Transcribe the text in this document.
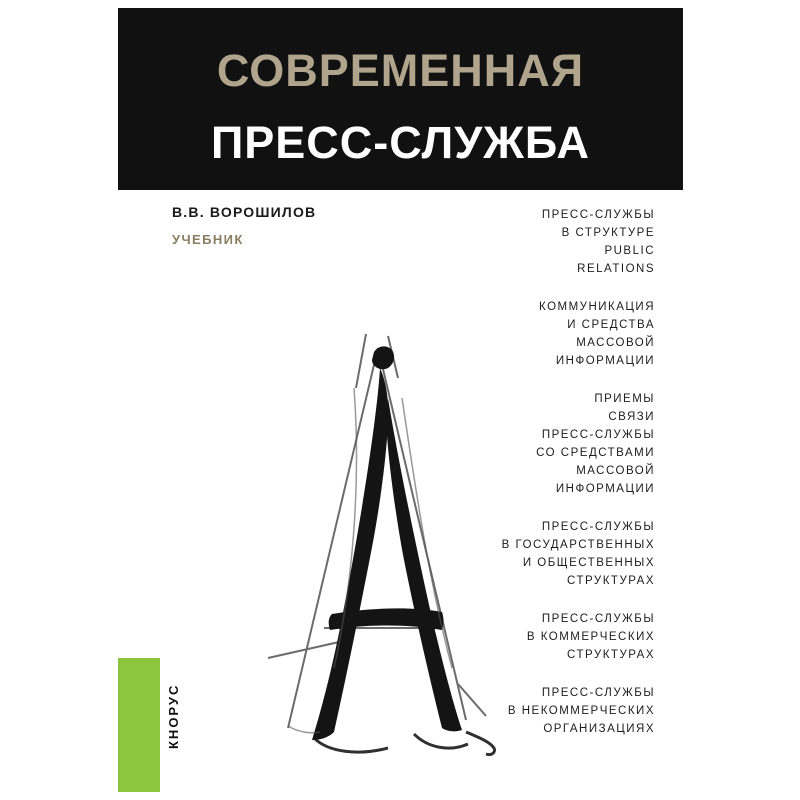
СОВРЕМЕННАЯ
ПРЕСС-СЛУЖБА
В.В. ВОРОШИЛОВ
УЧЕБНИК
ПРЕСС-СЛУЖБЫ
В СТРУКТУРЕ
PUBLIC
RELATIONS
КОММУНИКАЦИЯ
И СРЕДСТВА
МАССОВОЙ
ИНФОРМАЦИИ
ПРИЕМЫ
СВЯЗИ
ПРЕСС-СЛУЖБЫ
СО СРЕДСТВАМИ
МАССОВОЙ
ИНФОРМАЦИИ
ПРЕСС-СЛУЖБЫ
В ГОСУДАРСТВЕННЫХ
И ОБЩЕСТВЕННЫХ
СТРУКТУРАХ
ПРЕСС-СЛУЖБЫ
В КОММЕРЧЕСКИХ
СТРУКТУРАХ
ПРЕСС-СЛУЖБЫ
В НЕКОММЕРЧЕСКИХ
ОРГАНИЗАЦИЯХ
КНОРУС
